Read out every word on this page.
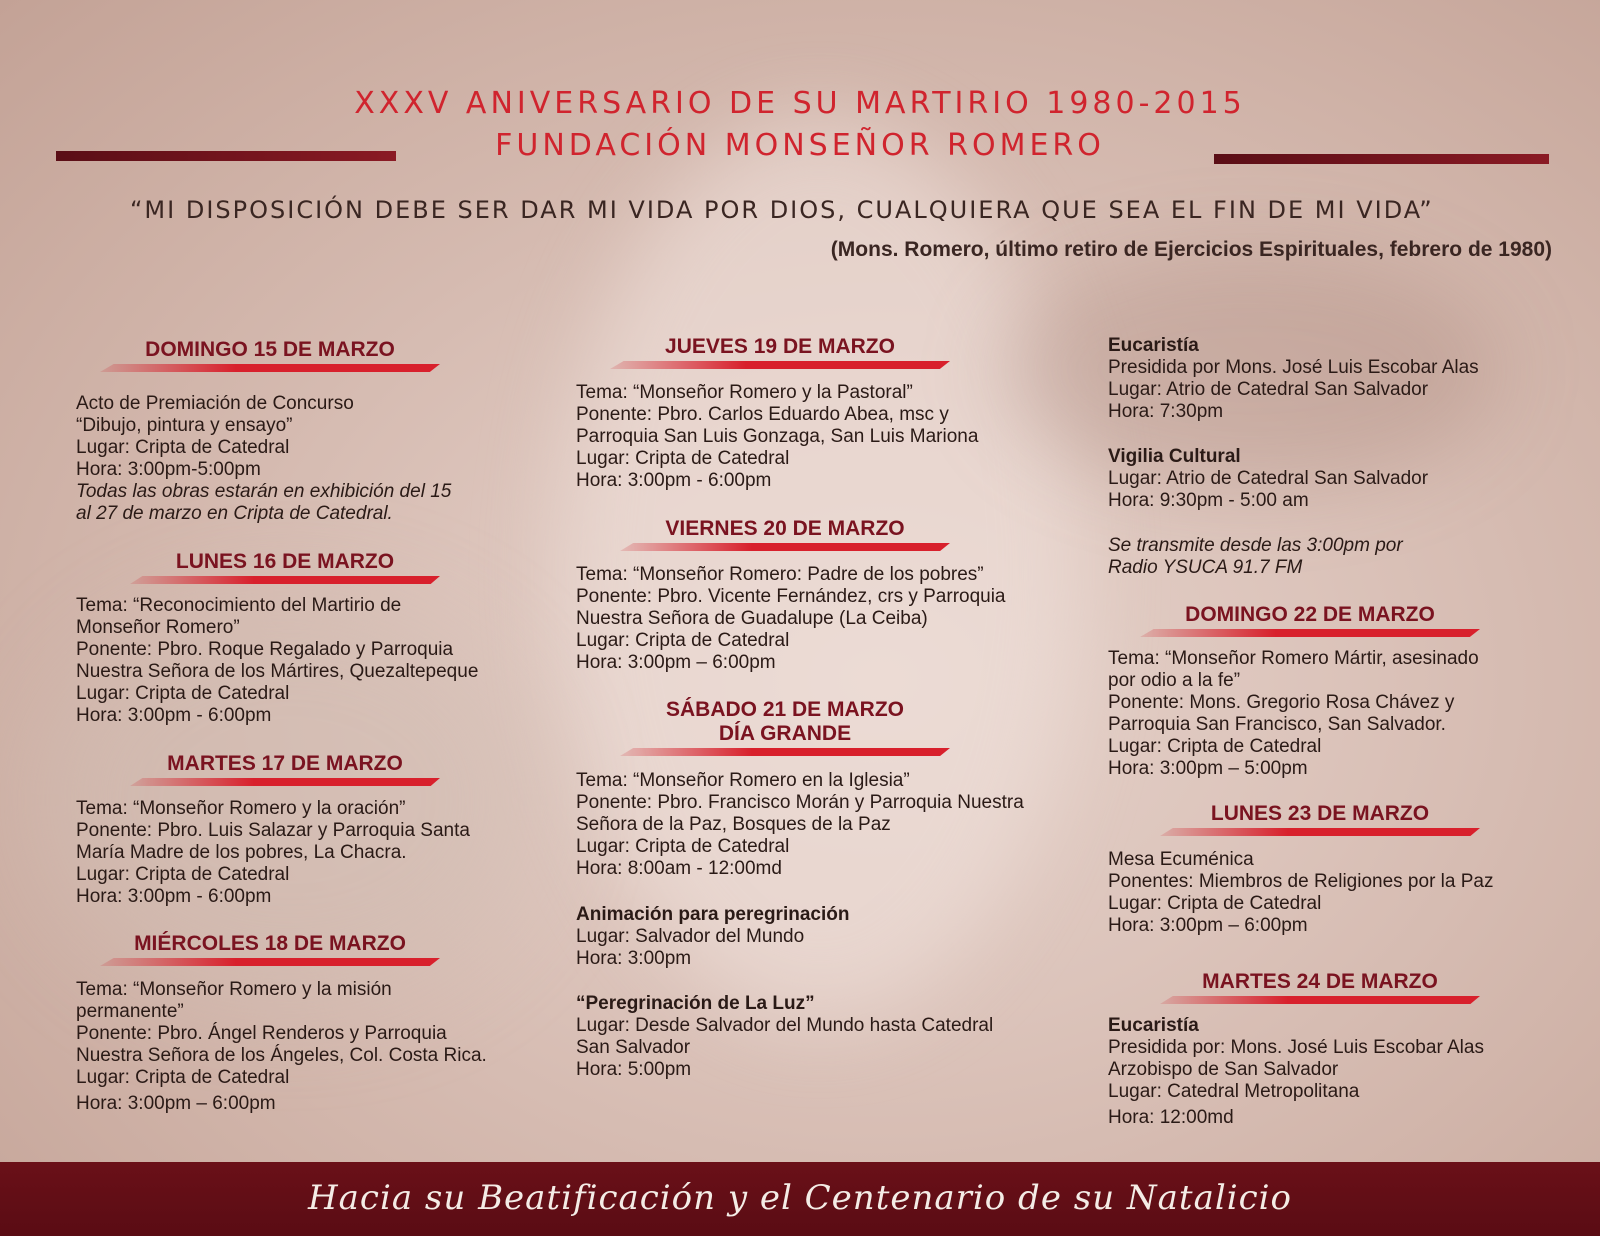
XXXV ANIVERSARIO DE SU MARTIRIO 1980-2015
FUNDACIÓN MONSEÑOR ROMERO

“MI DISPOSICIÓN DEBE SER DAR MI VIDA POR DIOS, CUALQUIERA QUE SEA EL FIN DE MI VIDA”

(Mons. Romero, último retiro de Ejercicios Espirituales, febrero de 1980)

DOMINGO 15 DE MARZO
Acto de Premiación de Concurso
“Dibujo, pintura y ensayo”
Lugar: Cripta de Catedral
Hora: 3:00pm-5:00pm
Todas las obras estarán en exhibición del 15
al 27 de marzo en Cripta de Catedral.
LUNES 16 DE MARZO
Tema: “Reconocimiento del Martirio de
Monseñor Romero”
Ponente: Pbro. Roque Regalado y Parroquia
Nuestra Señora de los Mártires, Quezaltepeque
Lugar: Cripta de Catedral
Hora: 3:00pm - 6:00pm
MARTES 17 DE MARZO
Tema: “Monseñor Romero y la oración”
Ponente: Pbro. Luis Salazar y Parroquia Santa
María Madre de los pobres, La Chacra.
Lugar: Cripta de Catedral
Hora: 3:00pm - 6:00pm
MIÉRCOLES 18 DE MARZO
Tema: “Monseñor Romero y la misión
permanente”
Ponente: Pbro. Ángel Renderos y Parroquia
Nuestra Señora de los Ángeles, Col. Costa Rica.
Lugar: Cripta de Catedral
Hora: 3:00pm – 6:00pm
JUEVES 19 DE MARZO
Tema: “Monseñor Romero y la Pastoral”
Ponente: Pbro. Carlos Eduardo Abea, msc y
Parroquia San Luis Gonzaga, San Luis Mariona
Lugar: Cripta de Catedral
Hora: 3:00pm - 6:00pm
VIERNES 20 DE MARZO
Tema: “Monseñor Romero: Padre de los pobres”
Ponente: Pbro. Vicente Fernández, crs y Parroquia
Nuestra Señora de Guadalupe (La Ceiba)
Lugar: Cripta de Catedral
Hora: 3:00pm – 6:00pm
SÁBADO 21 DE MARZO
DÍA GRANDE
Tema: “Monseñor Romero en la Iglesia”
Ponente: Pbro. Francisco Morán y Parroquia Nuestra
Señora de la Paz, Bosques de la Paz
Lugar: Cripta de Catedral
Hora: 8:00am - 12:00md
Animación para peregrinación
Lugar: Salvador del Mundo
Hora: 3:00pm
“Peregrinación de La Luz”
Lugar: Desde Salvador del Mundo hasta Catedral
San Salvador
Hora: 5:00pm
Eucaristía
Presidida por Mons. José Luis Escobar Alas
Lugar: Atrio de Catedral San Salvador
Hora: 7:30pm
Vigilia Cultural
Lugar: Atrio de Catedral San Salvador
Hora: 9:30pm - 5:00 am
Se transmite desde las 3:00pm por
Radio YSUCA 91.7 FM
DOMINGO 22 DE MARZO
Tema: “Monseñor Romero Mártir, asesinado
por odio a la fe”
Ponente: Mons. Gregorio Rosa Chávez y
Parroquia San Francisco, San Salvador.
Lugar: Cripta de Catedral
Hora: 3:00pm – 5:00pm
LUNES 23 DE MARZO
Mesa Ecuménica
Ponentes: Miembros de Religiones por la Paz
Lugar: Cripta de Catedral
Hora: 3:00pm – 6:00pm
MARTES 24 DE MARZO
Eucaristía
Presidida por: Mons. José Luis Escobar Alas
Arzobispo de San Salvador
Lugar: Catedral Metropolitana
Hora: 12:00md
Hacia su Beatificación y el Centenario de su Natalicio
